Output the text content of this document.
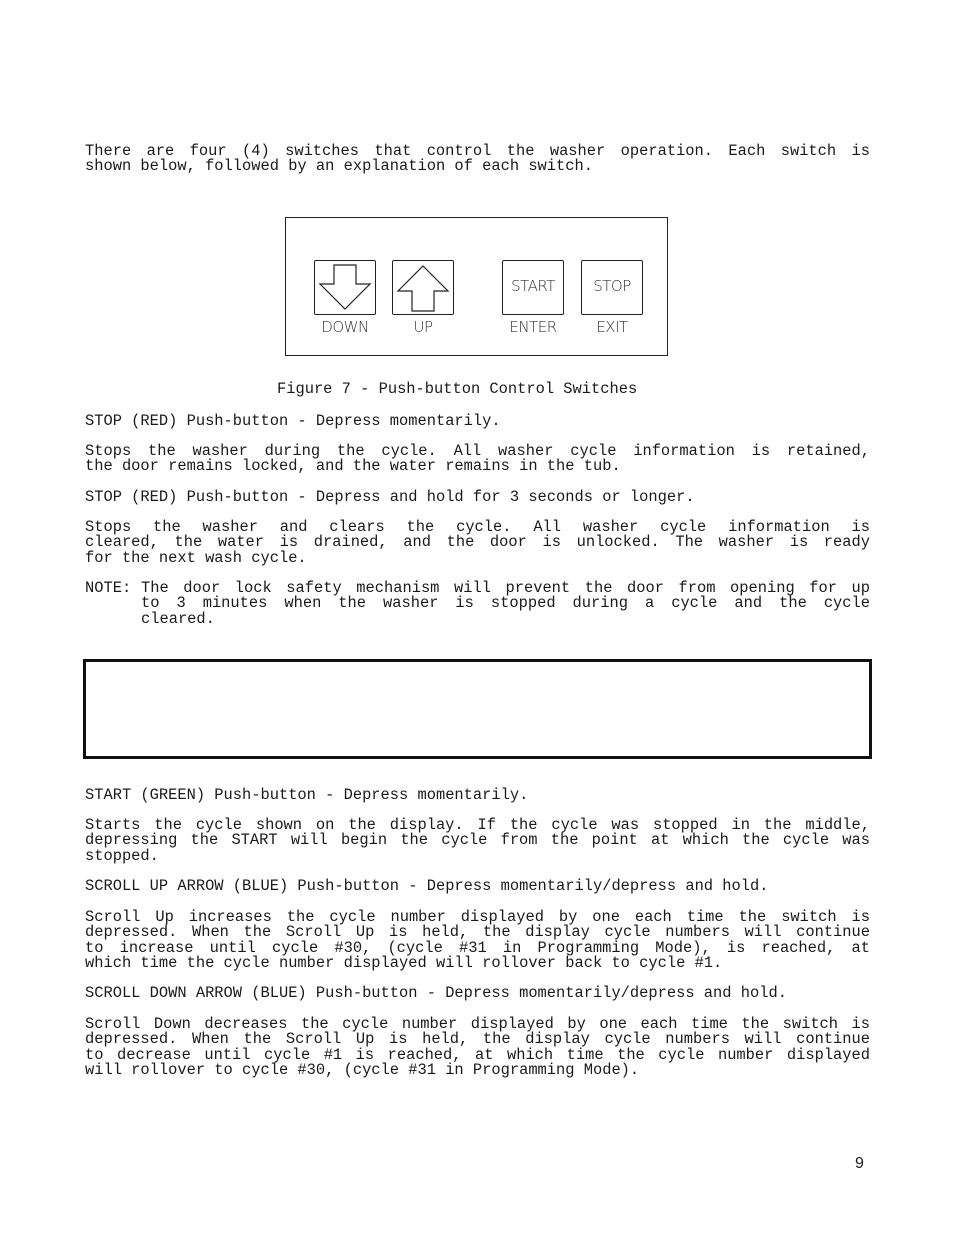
There are four (4) switches that control the washer operation. Each switch is
shown below, followed by an explanation of each switch.
DOWN	UP
START
ENTER
STOP
EXIT

Figure 7 - Push-button Control Switches

STOP (RED) Push-button - Depress momentarily.

Stops the washer during the cycle. All washer cycle information is retained,
the door remains locked, and the water remains in the tub.

STOP (RED) Push-button - Depress and hold for 3 seconds or longer.

Stops the washer and clears the cycle. All washer cycle information is
cleared, the water is drained, and the door is unlocked. The washer is ready
for the next wash cycle.

NOTE: The door lock safety mechanism will prevent the door from opening for up
to 3 minutes when the washer is stopped during a cycle and the cycle
cleared.

START (GREEN) Push-button - Depress momentarily.

Starts the cycle shown on the display. If the cycle was stopped in the middle,
depressing the START will begin the cycle from the point at which the cycle was
stopped.

SCROLL UP ARROW (BLUE) Push-button - Depress momentarily/depress and hold.

Scroll Up increases the cycle number displayed by one each time the switch is
depressed. When the Scroll Up is held, the display cycle numbers will continue
to increase until cycle #30, (cycle #31 in Programming Mode), is reached, at
which time the cycle number displayed will rollover back to cycle #1.

SCROLL DOWN ARROW (BLUE) Push-button - Depress momentarily/depress and hold.

Scroll Down decreases the cycle number displayed by one each time the switch is
depressed. When the Scroll Up is held, the display cycle numbers will continue
to decrease until cycle #1 is reached, at which time the cycle number displayed
will rollover to cycle #30, (cycle #31 in Programming Mode).

9
